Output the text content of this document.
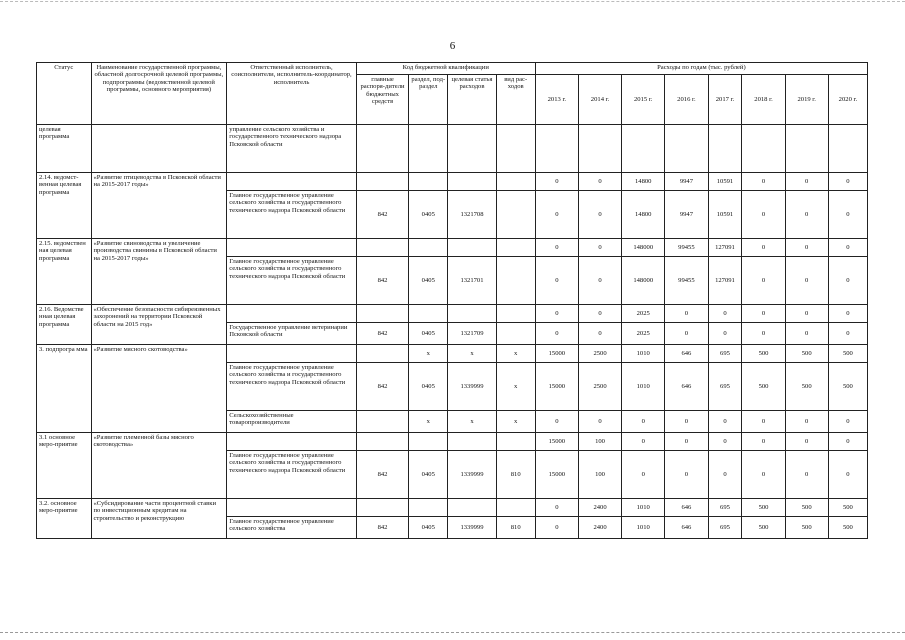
6
Статус	Наименование государственной программы, областной долгосрочной целевой программы, подпрограммы (ведомственной целевой программы, основного мероприятия)	Ответственный исполнитель, соисполнители, исполнитель-координатор, исполнитель	Код бюджетной квалификации				Расходы по годам (тыс. рублей)							
			главные распоря-дители бюджетных средств	раздел, под-раздел	целевая статья расходов	вид рас-ходов	2013 г.	2014 г.	2015 г.	2016 г.	2017 г.	2018 г.	2019 г.	2020 г.
целевая программа		управление сельского хозяйства и государственного технического надзора Псковской области												
2.14. ведомст-венная целевая программа	«Развитие птицеводства в Псковской области на 2015-2017 годы»						0	0	14800	9947	10591	0	0	0
		Главное государственное управление сельского хозяйства и государственного технического надзора Псковской области	842	0405	1321708		0	0	14800	9947	10591	0	0	0
2.15. ведомствен ная целевая программа	«Развитие свиноводства и увеличение производства свинины в Псковской области на 2015-2017 годы»						0	0	148000	99455	127091	0	0	0
		Главное государственное управление сельского хозяйства и государственного технического надзора Псковской области	842	0405	1321701		0	0	148000	99455	127091	0	0	0
2.16. Ведомстве нная целевая программа	«Обеспечение безопасности сибиреязвенных захоронений на территории Псковской области на 2015 год»						0	0	2025	0	0	0	0	0
		Государственное управление ветеринарии Псковской области	842	0405	1321709		0	0	2025	0	0	0	0	0
3. подпрогра мма	«Развитие мясного скотоводства»			х	х	х	15000	2500	1010	646	695	500	500	500
		Главное государственное управление сельского хозяйства и государственного технического надзора Псковской области	842	0405	1339999	х	15000	2500	1010	646	695	500	500	500
		Сельскохозяйственные товаропроизводители		х	х	х	0	0	0	0	0	0	0	0
3.1 основное меро-приятие	«Развитие племенной базы мясного скотоводства»						15000	100	0	0	0	0	0	0
		Главное государственное управление сельского хозяйства и государственного технического надзора Псковской области	842	0405	1339999	810	15000	100	0	0	0	0	0	0
3.2. основное меро-приятие	«Субсидирование части процентной ставки по инвестиционным кредитам на строительство и реконструкцию						0	2400	1010	646	695	500	500	500
		Главное государственное управление сельского хозяйства	842	0405	1339999	810	0	2400	1010	646	695	500	500	500
